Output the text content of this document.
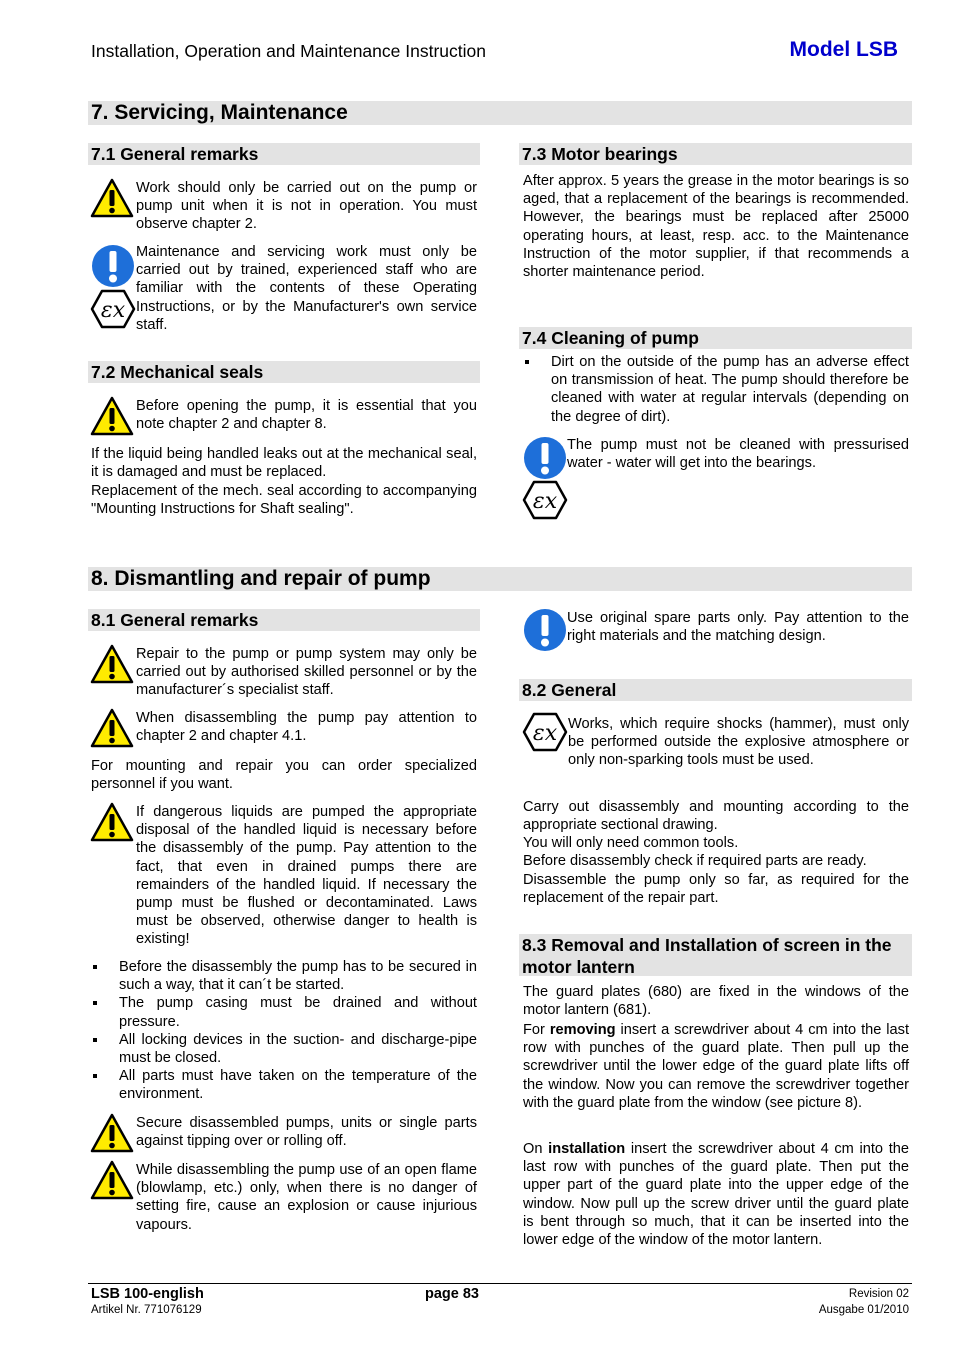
Installation, Operation and Maintenance Instruction	Model LSB
7. Servicing, Maintenance
7.1 General remarks
Work should only be carried out on the pump or pump unit when it is not in operation. You must observe chapter 2.
Maintenance and servicing work must only be carried out by trained, experienced staff who are familiar with the contents of these Operating Instructions, or by the Manufacturer's own service staff.
7.2 Mechanical seals
Before opening the pump, it is essential that you note chapter 2 and chapter 8.
If the liquid being handled leaks out at the mechanical seal, it is damaged and must be replaced.
Replacement of the mech. seal according to accompanying "Mounting Instructions for Shaft sealing".
7.3 Motor bearings
After approx. 5 years the grease in the motor bearings is so aged, that a replacement of the bearings is recommended. However, the bearings must be replaced after 25000 operating hours, at least, resp. acc. to the Maintenance Instruction of the motor supplier, if that recommends a shorter maintenance period.
7.4 Cleaning of pump
Dirt on the outside of the pump has an adverse effect on transmission of heat. The pump should therefore be cleaned with water at regular intervals (depending on the degree of dirt).
The pump must not be cleaned with pressurised water - water will get into the bearings.
8. Dismantling and repair of pump
8.1 General remarks
Repair to the pump or pump system may only be carried out by authorised skilled personnel or by the manufacturer´s specialist staff.
When disassembling the pump pay attention to chapter 2 and chapter 4.1.
For mounting and repair you can order specialized personnel if you want.
If dangerous liquids are pumped the appropriate disposal of the handled liquid is necessary before the disassembly of the pump. Pay attention to the fact, that even in drained pumps there are remainders of the handled liquid. If necessary the pump must be flushed or decontaminated. Laws must be observed, otherwise danger to health is existing!
Before the disassembly the pump has to be secured in such a way, that it can´t be started.
The pump casing must be drained and without pressure.
All locking devices in the suction- and discharge-pipe must be closed.
All parts must have taken on the temperature of the environment.
Secure disassembled pumps, units or single parts against tipping over or rolling off.
While disassembling the pump use of an open flame (blowlamp, etc.) only, when there is no danger of setting fire, cause an explosion or cause injurious vapours.
Use original spare parts only. Pay attention to the right materials and the matching design.
8.2 General
Works, which require shocks (hammer), must only be performed outside the explosive atmosphere or only non-sparking tools must be used.
Carry out disassembly and mounting according to the appropriate sectional drawing.
You will only need common tools.
Before disassembly check if required parts are ready.
Disassemble the pump only so far, as required for the replacement of the repair part.
8.3 Removal and Installation of screen in the motor lantern
The guard plates (680) are fixed in the windows of the motor lantern (681).
For removing insert a screwdriver about 4 cm into the last row with punches of the guard plate. Then pull up the screwdriver until the lower edge of the guard plate lifts off the window. Now you can remove the screwdriver together with the guard plate from the window (see picture 8).
On installation insert the screwdriver about 4 cm into the last row with punches of the guard plate. Then put the upper part of the guard plate into the upper edge of the window. Now pull up the screw driver until the guard plate is bent through so much, that it can be inserted into the lower edge of the window of the motor lantern.
LSB 100-english
Artikel Nr. 771076129
page 83	Revision 02
Ausgabe 01/2010
